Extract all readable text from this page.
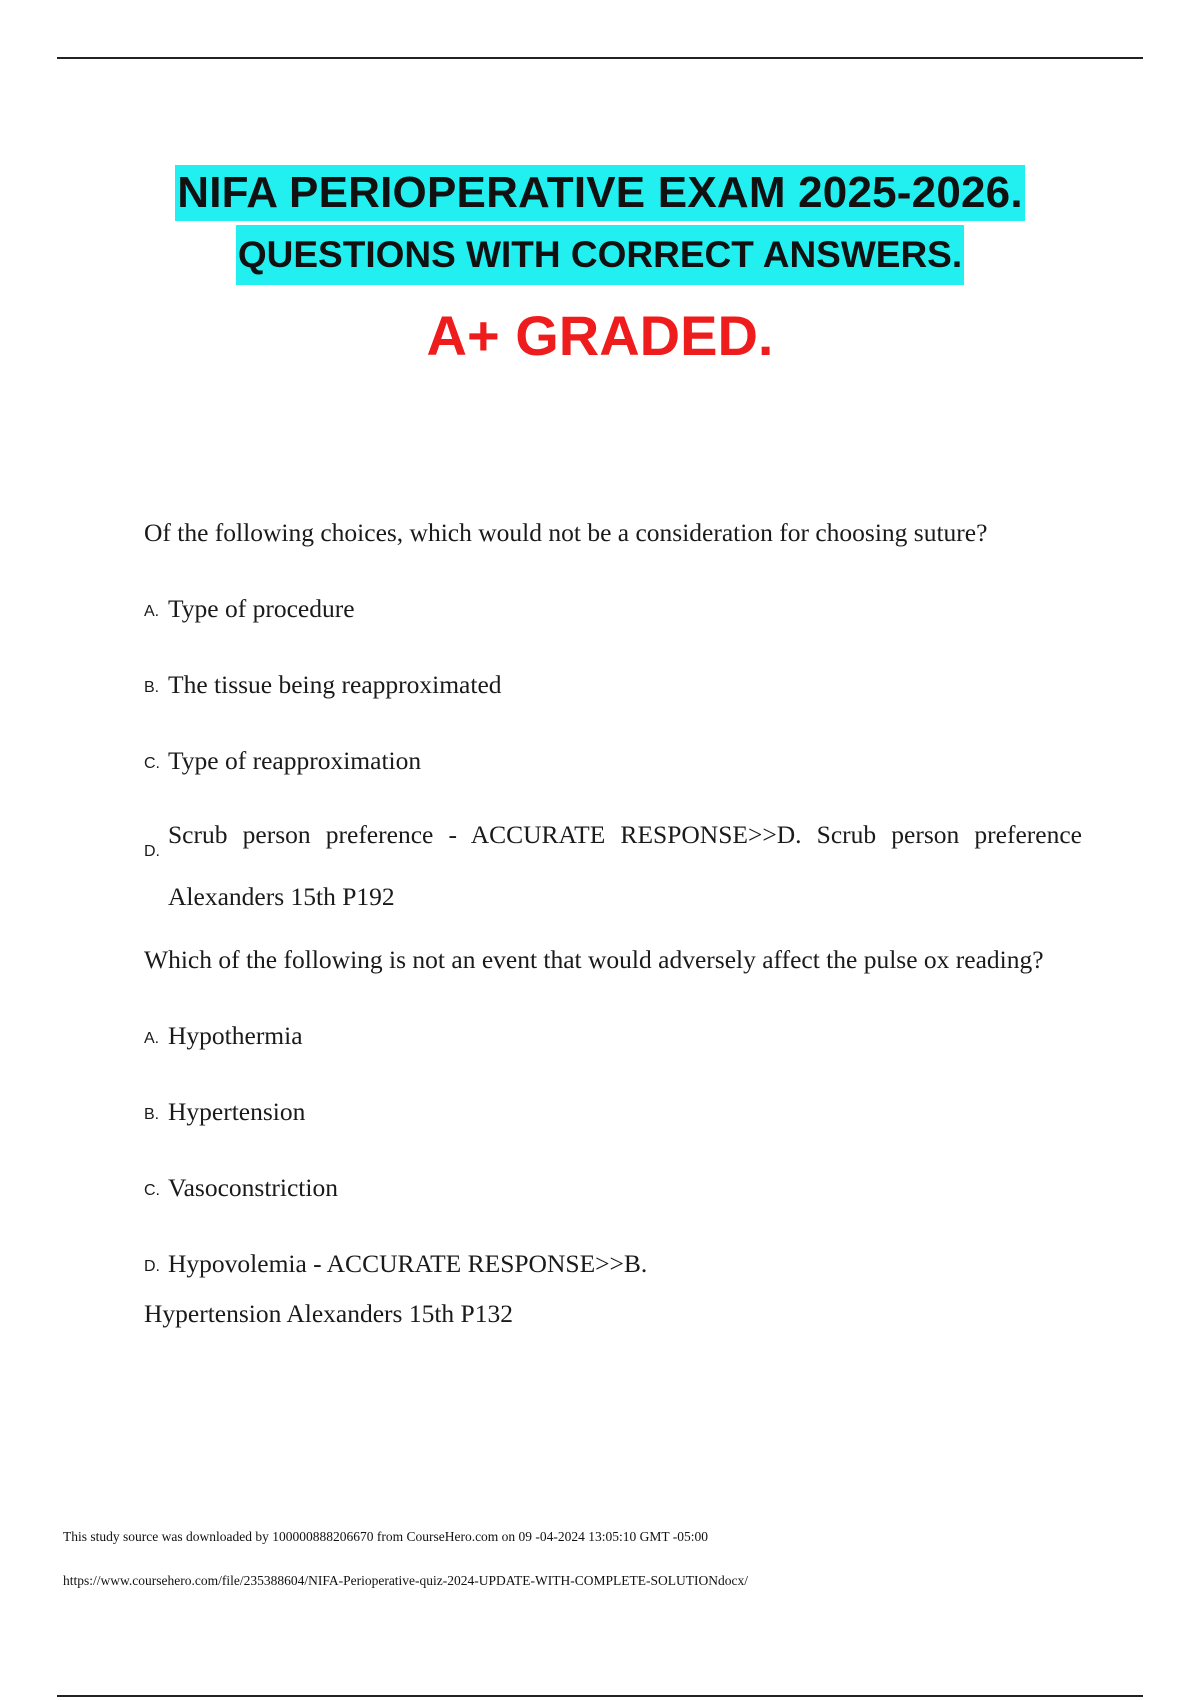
NIFA PERIOPERATIVE EXAM 2025-2026.
QUESTIONS WITH CORRECT ANSWERS.
A+ GRADED.

Of the following choices, which would not be a consideration for choosing suture?

A. Type of procedure
B. The tissue being reapproximated
C. Type of reapproximation
D.
Scrub person preference - ACCURATE RESPONSE>>D. Scrub person preference Alexanders 15th P192

Which of the following is not an event that would adversely affect the pulse ox reading?

A. Hypothermia
B. Hypertension
C. Vasoconstriction
D. Hypovolemia - ACCURATE RESPONSE>>B.

Hypertension Alexanders 15th P132

This study source was downloaded by 100000888206670 from CourseHero.com on 09 -04-2024 13:05:10 GMT -05:00
https://www.coursehero.com/file/235388604/NIFA-Perioperative-quiz-2024-UPDATE-WITH-COMPLETE-SOLUTIONdocx/
